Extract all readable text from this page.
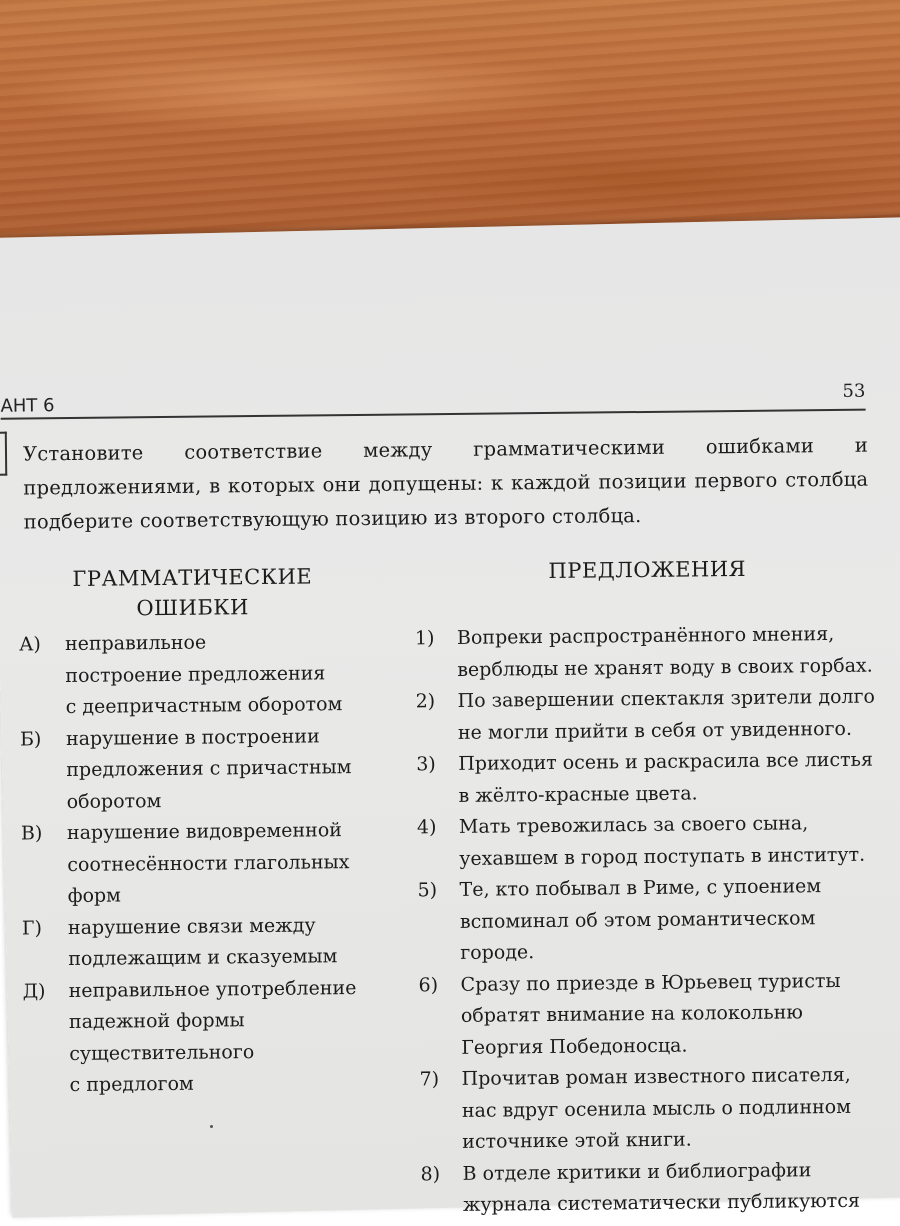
АНТ 6
53
Установите соответствие между грамматическими ошибками и предложениями, в которых они допущены: к каждой позиции первого столбца подберите соответствующую позицию из второго столбца.
ГРАММАТИЧЕСКИЕ
ОШИБКИ
ПРЕДЛОЖЕНИЯ
А) неправильное
построение предложения
с деепричастным оборотом
Б) нарушение в построении
предложения с причастным
оборотом
В) нарушение видовременной
соотнесённости глагольных
форм
Г) нарушение связи между
подлежащим и сказуемым
Д) неправильное употребление
падежной формы
существительного
с предлогом
1) Вопреки распространённого мнения,
верблюды не хранят воду в своих горбах.
2) По завершении спектакля зрители долго
не могли прийти в себя от увиденного.
3) Приходит осень и раскрасила все листья
в жёлто-красные цвета.
4) Мать тревожилась за своего сына,
уехавшем в город поступать в институт.
5) Те, кто побывал в Риме, с упоением
вспоминал об этом романтическом городе.
6) Сразу по приезде в Юрьевец туристы
обратят внимание на колокольню
Георгия Победоносца.
7) Прочитав роман известного писателя,
нас вдруг осенила мысль о подлинном
источнике этой книги.
8) В отделе критики и библиографии
журнала систематически публикуются
